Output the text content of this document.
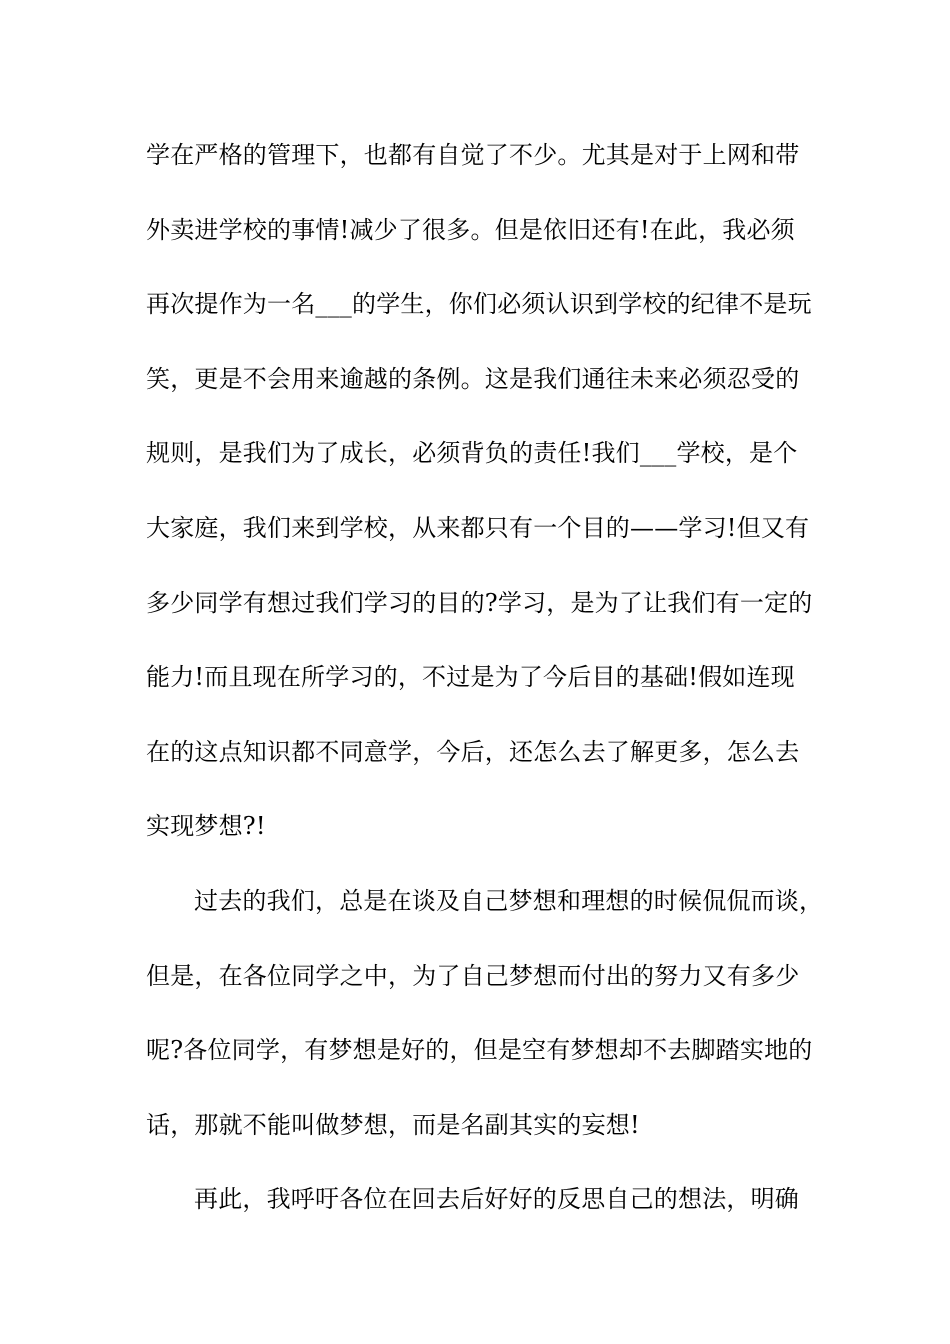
学在严格的管理下，也都有自觉了不少。尤其是对于上网和带
外卖进学校的事情!减少了很多。但是依旧还有!在此，我必须
再次提作为一名___的学生，你们必须认识到学校的纪律不是玩
笑，更是不会用来逾越的条例。这是我们通往未来必须忍受的
规则，是我们为了成长，必须背负的责任!我们___学校，是个
大家庭，我们来到学校，从来都只有一个目的——学习!但又有
多少同学有想过我们学习的目的?学习，是为了让我们有一定的
能力!而且现在所学习的，不过是为了今后目的基础!假如连现
在的这点知识都不同意学，今后，还怎么去了解更多，怎么去
实现梦想?!
过去的我们，总是在谈及自己梦想和理想的时候侃侃而谈，
但是，在各位同学之中，为了自己梦想而付出的努力又有多少
呢?各位同学，有梦想是好的，但是空有梦想却不去脚踏实地的
话，那就不能叫做梦想，而是名副其实的妄想!
再此，我呼吁各位在回去后好好的反思自己的想法，明确
